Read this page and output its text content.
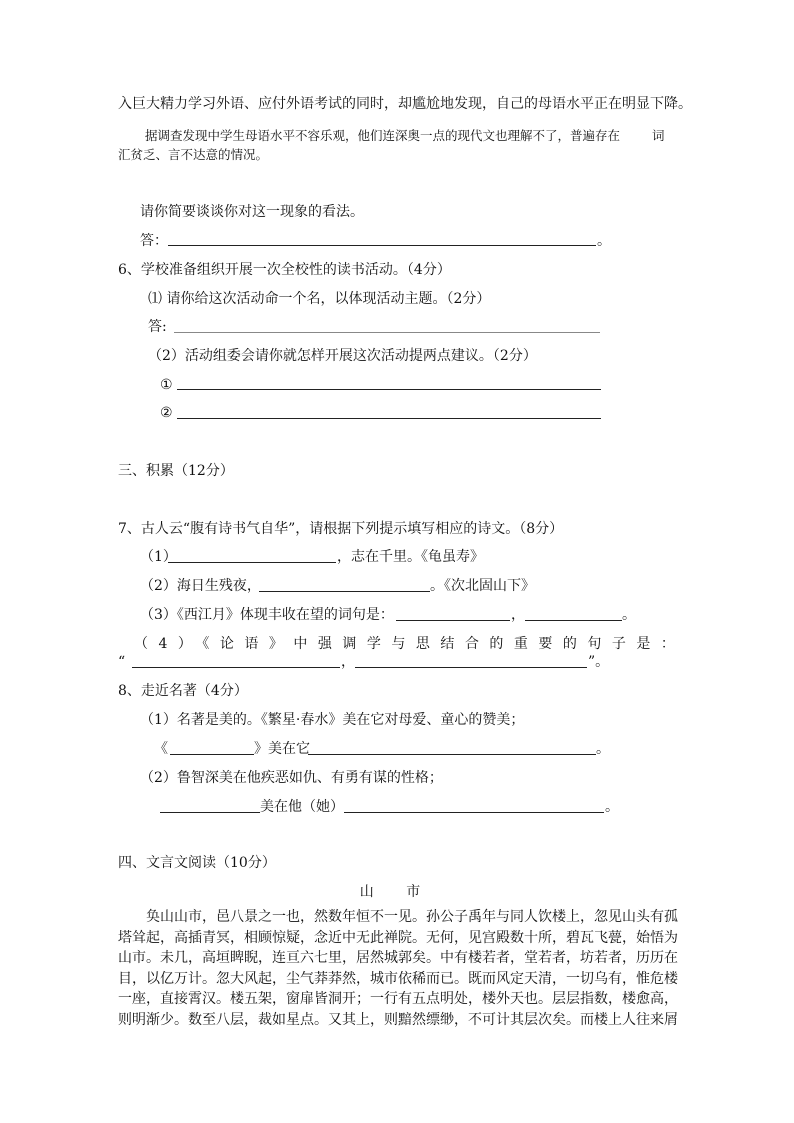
入巨大精力学习外语、应付外语考试的同时，却尴尬地发现，自己的母语水平正在明显下降。
据调查发现中学生母语水平不容乐观，他们连深奥一点的现代文也理解不了，普遍存在	词
汇贫乏、言不达意的情况。
请你简要谈谈你对这一现象的看法。
答：	。
6、学校准备组织开展一次全校性的读书活动。（4分）
⑴ 请你给这次活动命一个名，以体现活动主题。（2分）
答:
（2）活动组委会请你就怎样开展这次活动提两点建议。（2分）
①
②
三、积累（12分）
7、古人云“腹有诗书气自华”，请根据下列提示填写相应的诗文。（8分）
（1）	，志在千里。《龟虽寿》
（2）海日生残夜，	。《次北固山下》
（3）《西江月》体现丰收在望的词句是：	，	。
（4）《论语》中强调学与思结合的重要的句子是：
“	，	”。
8、走近名著（4分）
（1）名著是美的。《繁星·春水》美在它对母爱、童心的赞美；
《	》美在它	。
（2）鲁智深美在他疾恶如仇、有勇有谋的性格；
美在他（她）	。
四、文言文阅读（10分）
山 市
奂山山市，邑八景之一也，然数年恒不一见。孙公子禹年与同人饮楼上，忽见山头有孤塔耸起，高插青冥，相顾惊疑，念近中无此禅院。无何，见宫殿数十所，碧瓦飞甍，始悟为山市。未几，高垣睥睨，连亘六七里，居然城郭矣。中有楼若者，堂若者，坊若者，历历在目，以亿万计。忽大风起，尘气莽莽然，城市依稀而已。既而风定天清，一切乌有，惟危楼一座，直接霄汉。楼五架，窗扉皆洞开；一行有五点明处，楼外天也。层层指数，楼愈高，则明渐少。数至八层，裁如星点。又其上，则黯然缥缈，不可计其层次矣。而楼上人往来屑
